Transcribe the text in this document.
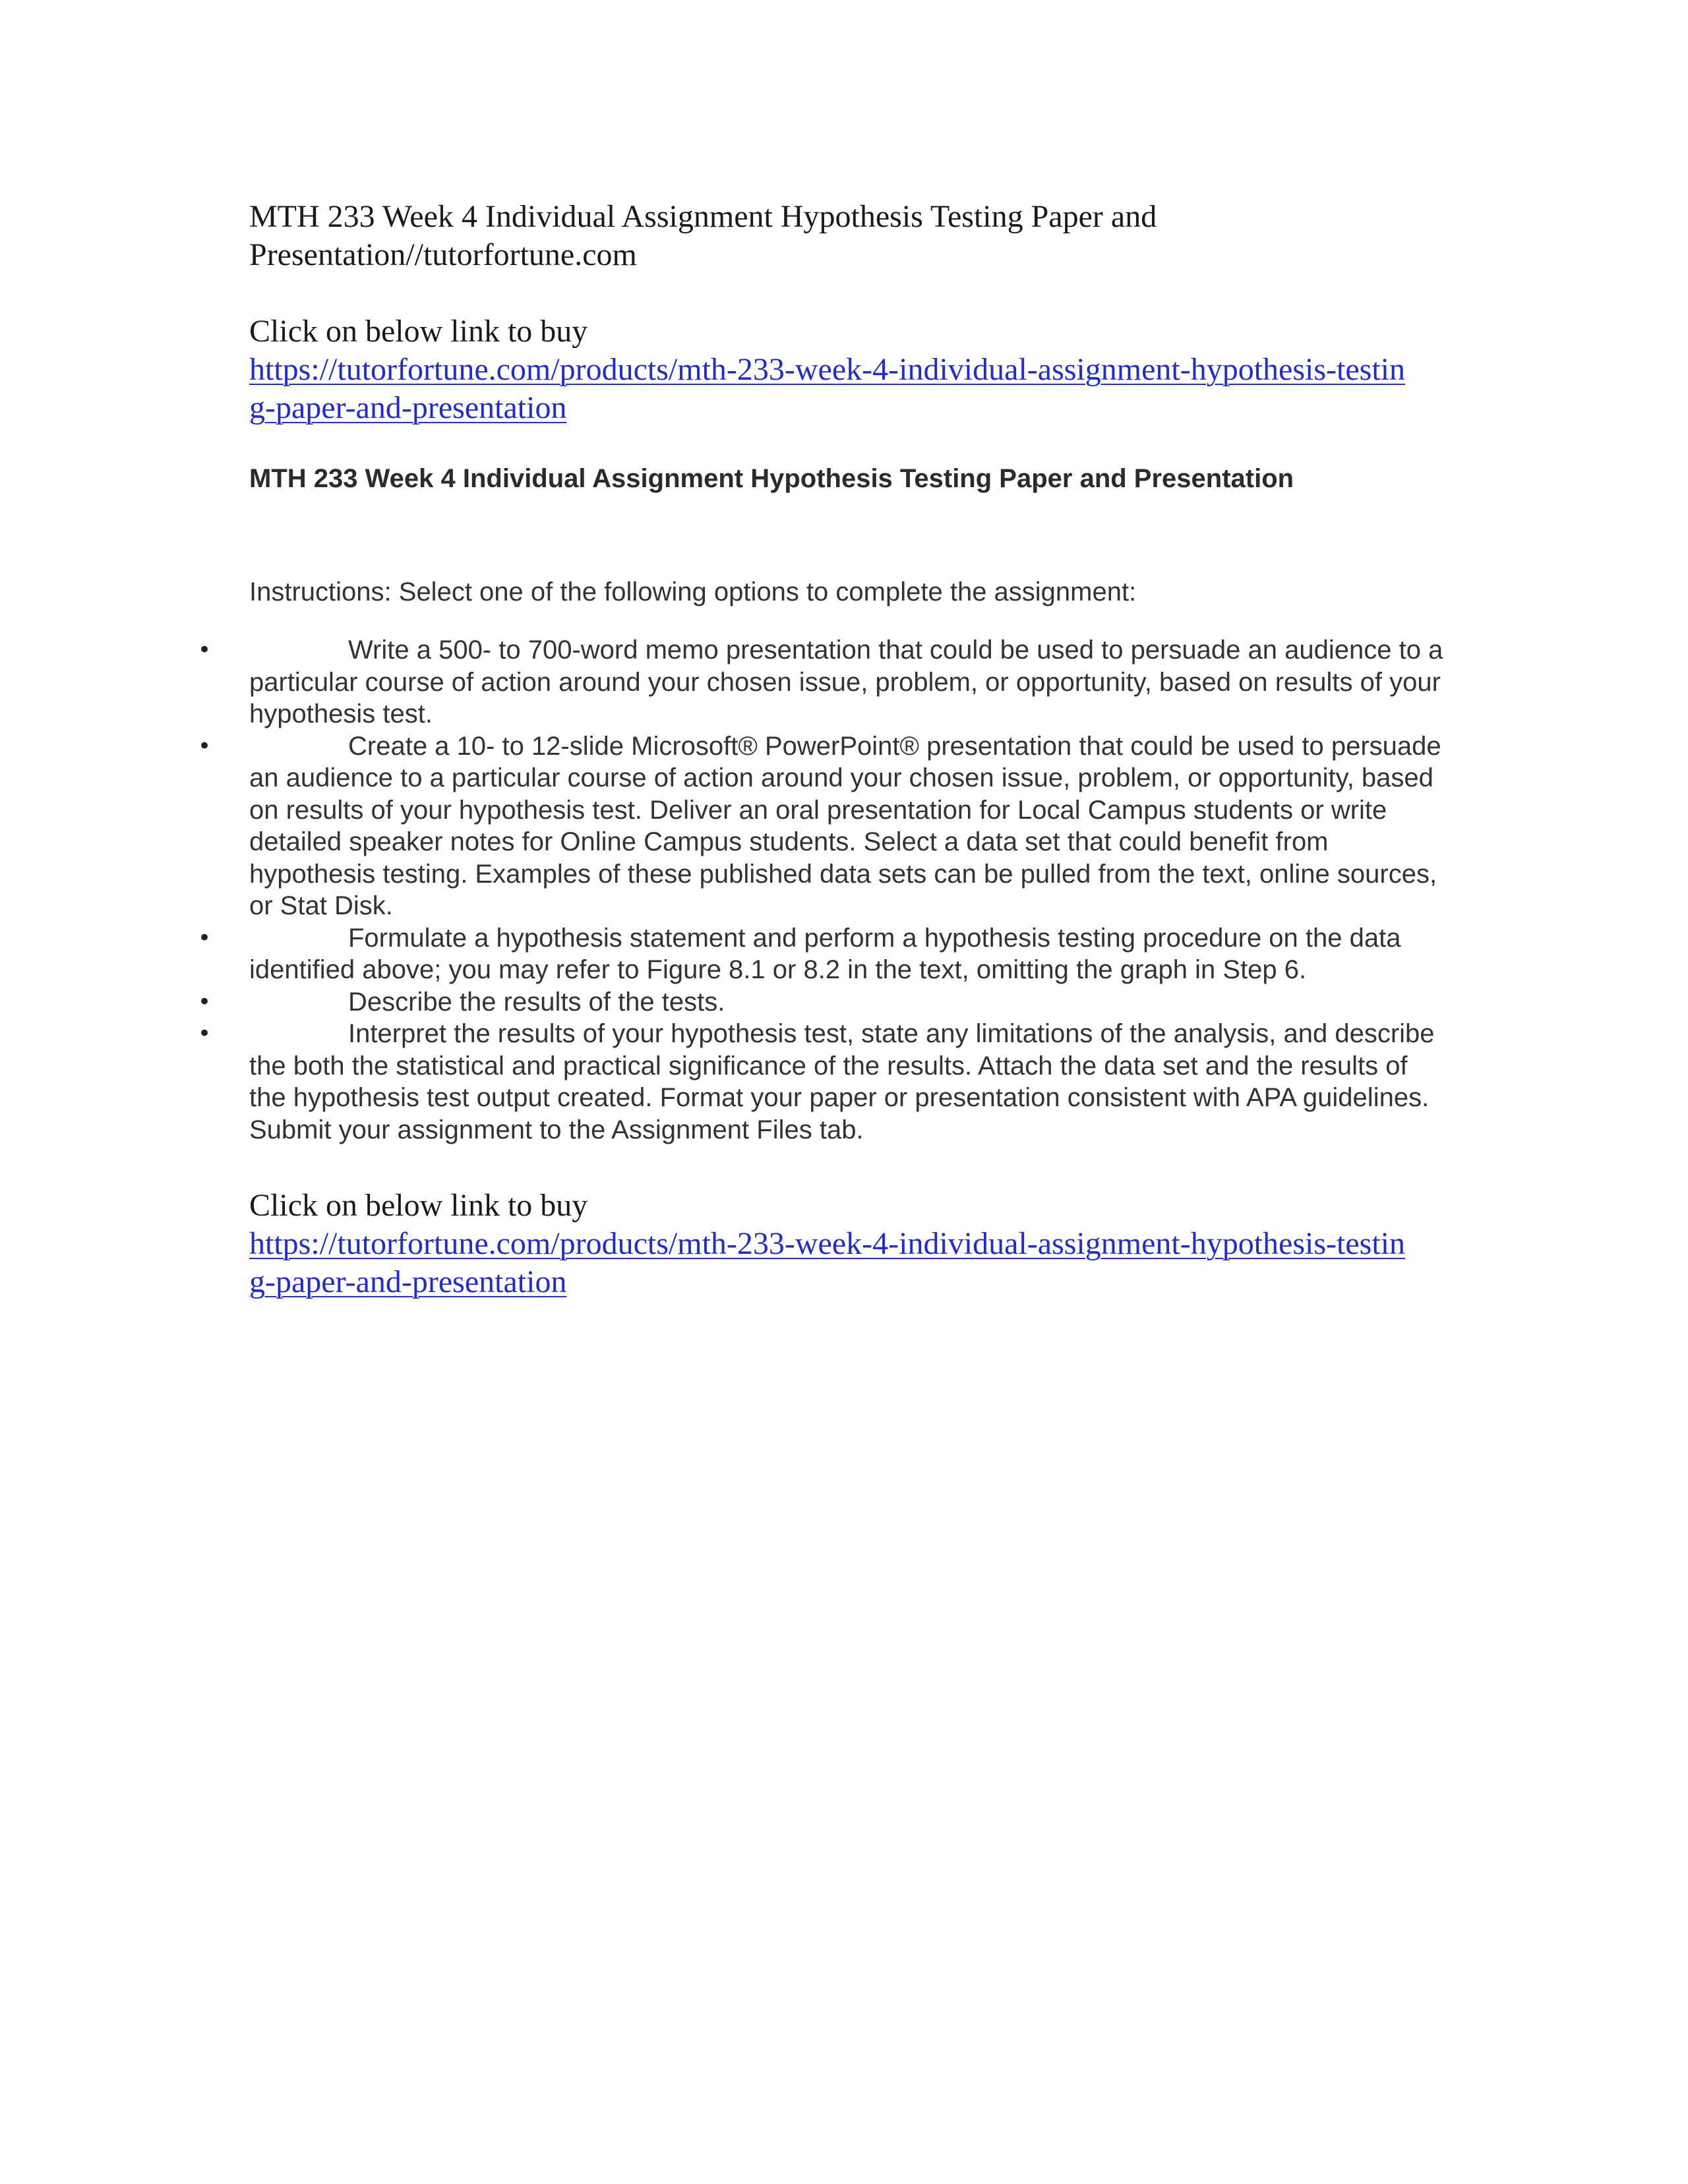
MTH 233 Week 4 Individual Assignment Hypothesis Testing Paper and Presentation//tutorfortune.com
Click on below link to buy
https://tutorfortune.com/products/mth-233-week-4-individual-assignment-hypothesis-testing-paper-and-presentation
MTH 233 Week 4 Individual Assignment Hypothesis Testing Paper and Presentation
Instructions: Select one of the following options to complete the assignment:
•	Write a 500- to 700-word memo presentation that could be used to persuade an audience to a particular course of action around your chosen issue, problem, or opportunity, based on results of your hypothesis test.
•	Create a 10- to 12-slide Microsoft® PowerPoint® presentation that could be used to persuade an audience to a particular course of action around your chosen issue, problem, or opportunity, based on results of your hypothesis test. Deliver an oral presentation for Local Campus students or write detailed speaker notes for Online Campus students. Select a data set that could benefit from hypothesis testing. Examples of these published data sets can be pulled from the text, online sources, or Stat Disk.
•	Formulate a hypothesis statement and perform a hypothesis testing procedure on the data identified above; you may refer to Figure 8.1 or 8.2 in the text, omitting the graph in Step 6.
•	Describe the results of the tests.
•	Interpret the results of your hypothesis test, state any limitations of the analysis, and describe the both the statistical and practical significance of the results. Attach the data set and the results of the hypothesis test output created. Format your paper or presentation consistent with APA guidelines. Submit your assignment to the Assignment Files tab.
Click on below link to buy
https://tutorfortune.com/products/mth-233-week-4-individual-assignment-hypothesis-testing-paper-and-presentation
